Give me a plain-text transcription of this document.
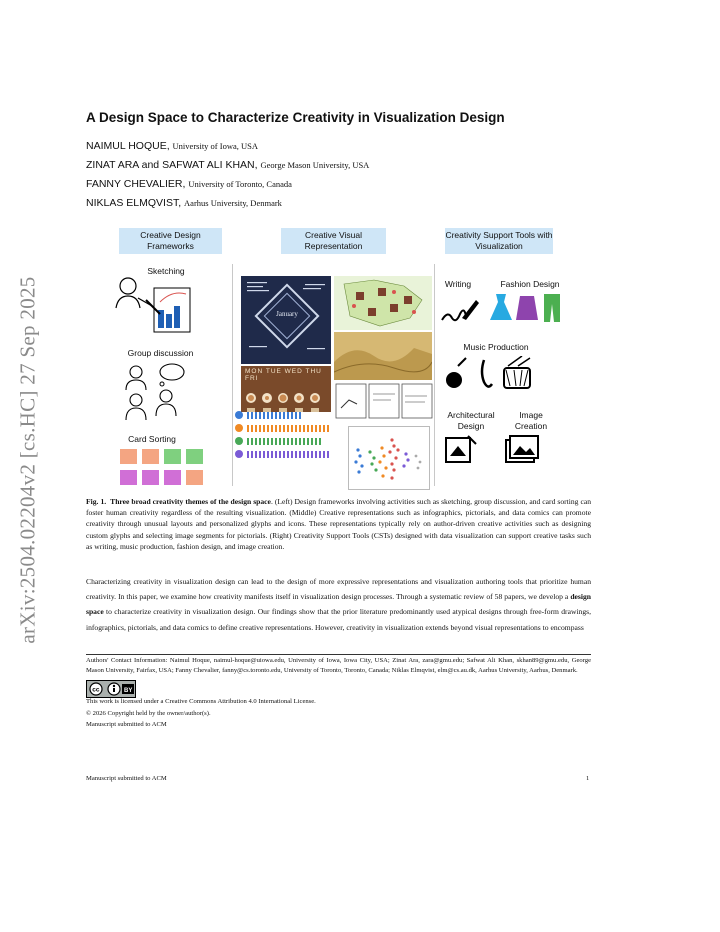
arXiv:2504.02204v2 [cs.HC] 27 Sep 2025
A Design Space to Characterize Creativity in Visualization Design
NAIMUL HOQUE, University of Iowa, USA
ZINAT ARA and SAFWAT ALI KHAN, George Mason University, USA
FANNY CHEVALIER, University of Toronto, Canada
NIKLAS ELMQVIST, Aarhus University, Denmark
Creative Design Frameworks
Creative Visual Representation
Creativity Support Tools with Visualization
Sketching
Group discussion
Card Sorting
January
MON TUE WED THU FRI
Writing	Fashion Design
Music Production
Architectural Design
Image Creation
Fig. 1. Three broad creativity themes of the design space. (Left) Design frameworks involving activities such as sketching, group discussion, and card sorting can foster human creativity regardless of the resulting visualization. (Middle) Creative representations such as infographics, pictorials, and data comics can promote creativity through unusual layouts and personalized glyphs and icons. These representations typically rely on author-driven creative activities such as designing custom glyphs and selecting image segments for pictorials. (Right) Creativity Support Tools (CSTs) designed with data visualization can support creative tasks such as writing, music production, fashion design, and image creation.
Characterizing creativity in visualization design can lead to the design of more expressive representations and visualization authoring tools that prioritize human creativity. In this paper, we examine how creativity manifests itself in visualization design processes. Through a systematic review of 58 papers, we develop a design space to characterize creativity in visualization design. Our findings show that the prior literature predominantly used atypical designs through free-form drawings, infographics, pictorials, and data comics to define creative representations. However, creativity in visualization extends beyond visual representations to encompass
Authors' Contact Information: Naimul Hoque, naimul-hoque@uiowa.edu, University of Iowa, Iowa City, USA; Zinat Ara, zara@gmu.edu; Safwat Ali Khan, skhan89@gmu.edu, George Mason University, Fairfax, USA; Fanny Chevalier, fanny@cs.toronto.edu, University of Toronto, Toronto, Canada; Niklas Elmqvist, elm@cs.au.dk, Aarhus University, Aarhus, Denmark.
cc	BY
This work is licensed under a Creative Commons Attribution 4.0 International License.
© 2026 Copyright held by the owner/author(s).
Manuscript submitted to ACM
Manuscript submitted to ACM	1
